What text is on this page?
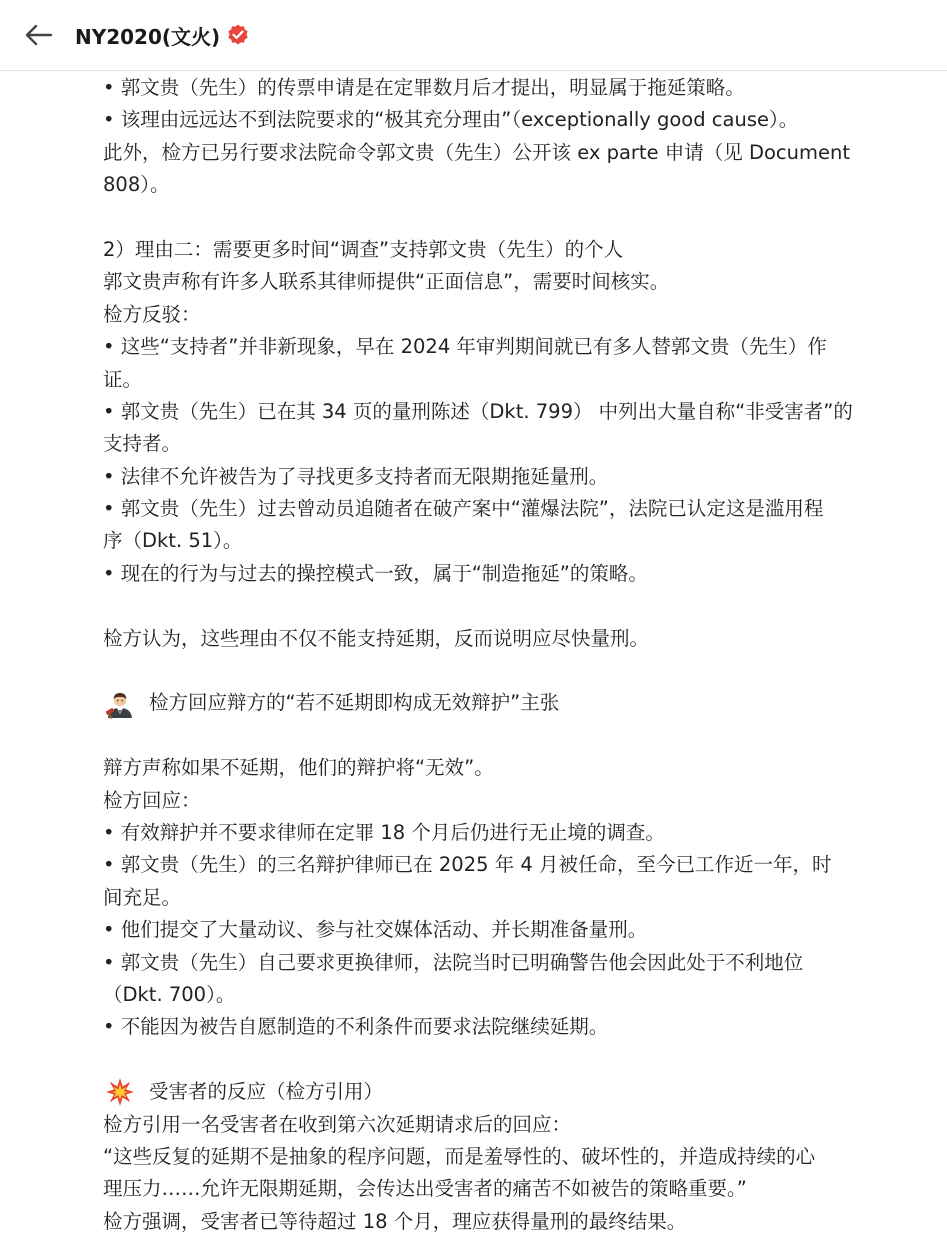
NY2020(文火)
• 郭文贵（先生）的传票申请是在定罪数月后才提出，明显属于拖延策略。
• 该理由远远达不到法院要求的“极其充分理由”（exceptionally good cause）。
此外，检方已另行要求法院命令郭文贵（先生）公开该 ex parte 申请（见 Document
808）。
2）理由二：需要更多时间“调查”支持郭文贵（先生）的个人
郭文贵声称有许多人联系其律师提供“正面信息”，需要时间核实。
检方反驳：
• 这些“支持者”并非新现象，早在 2024 年审判期间就已有多人替郭文贵（先生）作
证。
• 郭文贵（先生）已在其 34 页的量刑陈述（Dkt. 799） 中列出大量自称“非受害者”的
支持者。
• 法律不允许被告为了寻找更多支持者而无限期拖延量刑。
• 郭文贵（先生）过去曾动员追随者在破产案中“灌爆法院”，法院已认定这是滥用程
序（Dkt. 51）。
• 现在的行为与过去的操控模式一致，属于“制造拖延”的策略。
检方认为，这些理由不仅不能支持延期，反而说明应尽快量刑。
检方回应辩方的“若不延期即构成无效辩护”主张
辩方声称如果不延期，他们的辩护将“无效”。
检方回应：
• 有效辩护并不要求律师在定罪 18 个月后仍进行无止境的调查。
• 郭文贵（先生）的三名辩护律师已在 2025 年 4 月被任命，至今已工作近一年，时
间充足。
• 他们提交了大量动议、参与社交媒体活动、并长期准备量刑。
• 郭文贵（先生）自己要求更换律师，法院当时已明确警告他会因此处于不利地位
（Dkt. 700）。
• 不能因为被告自愿制造的不利条件而要求法院继续延期。
受害者的反应（检方引用）
检方引用一名受害者在收到第六次延期请求后的回应：
“这些反复的延期不是抽象的程序问题，而是羞辱性的、破坏性的，并造成持续的心
理压力……允许无限期延期，会传达出受害者的痛苦不如被告的策略重要。”
检方强调，受害者已等待超过 18 个月，理应获得量刑的最终结果。
